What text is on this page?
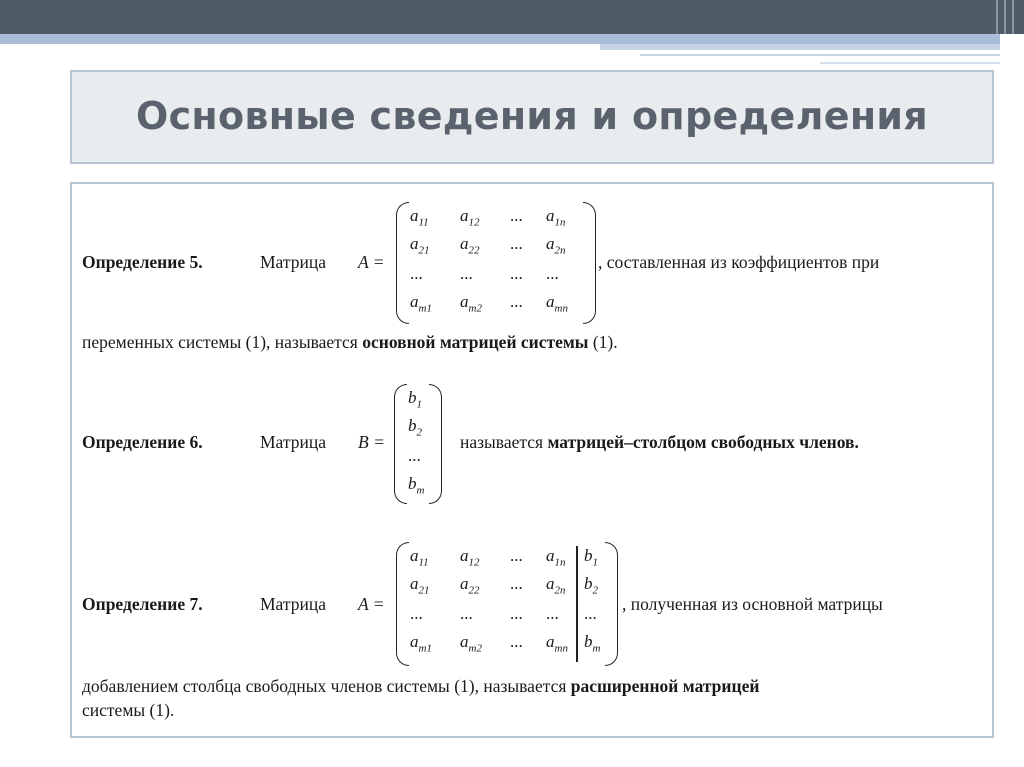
Основные сведения и определения
Определение 5.	Матрица A =
$a_{11}$ $a_{12}$ ... $a_{1n}$
$a_{21}$ $a_{22}$ ... $a_{2n}$
... ... ... ...
$a_{m1}$ $a_{m2}$ ... $a_{mn}$
, составленная из коэффициентов при
переменных системы (1), называется основной матрицей системы (1).
Определение 6.	Матрица B =
$b_1$
$b_2$
...
$b_m$
называется матрицей–столбцом свободных членов.
Определение 7.	Матрица A =
$a_{11}$ $a_{12}$ ... $a_{1n}$ $b_1$
$a_{21}$ $a_{22}$ ... $a_{2n}$ $b_2$
... ... ... ... ...
$a_{m1}$ $a_{m2}$ ... $a_{mn}$ $b_m$
, полученная из основной матрицы
добавлением столбца свободных членов системы (1), называется расширенной матрицей
системы (1).
